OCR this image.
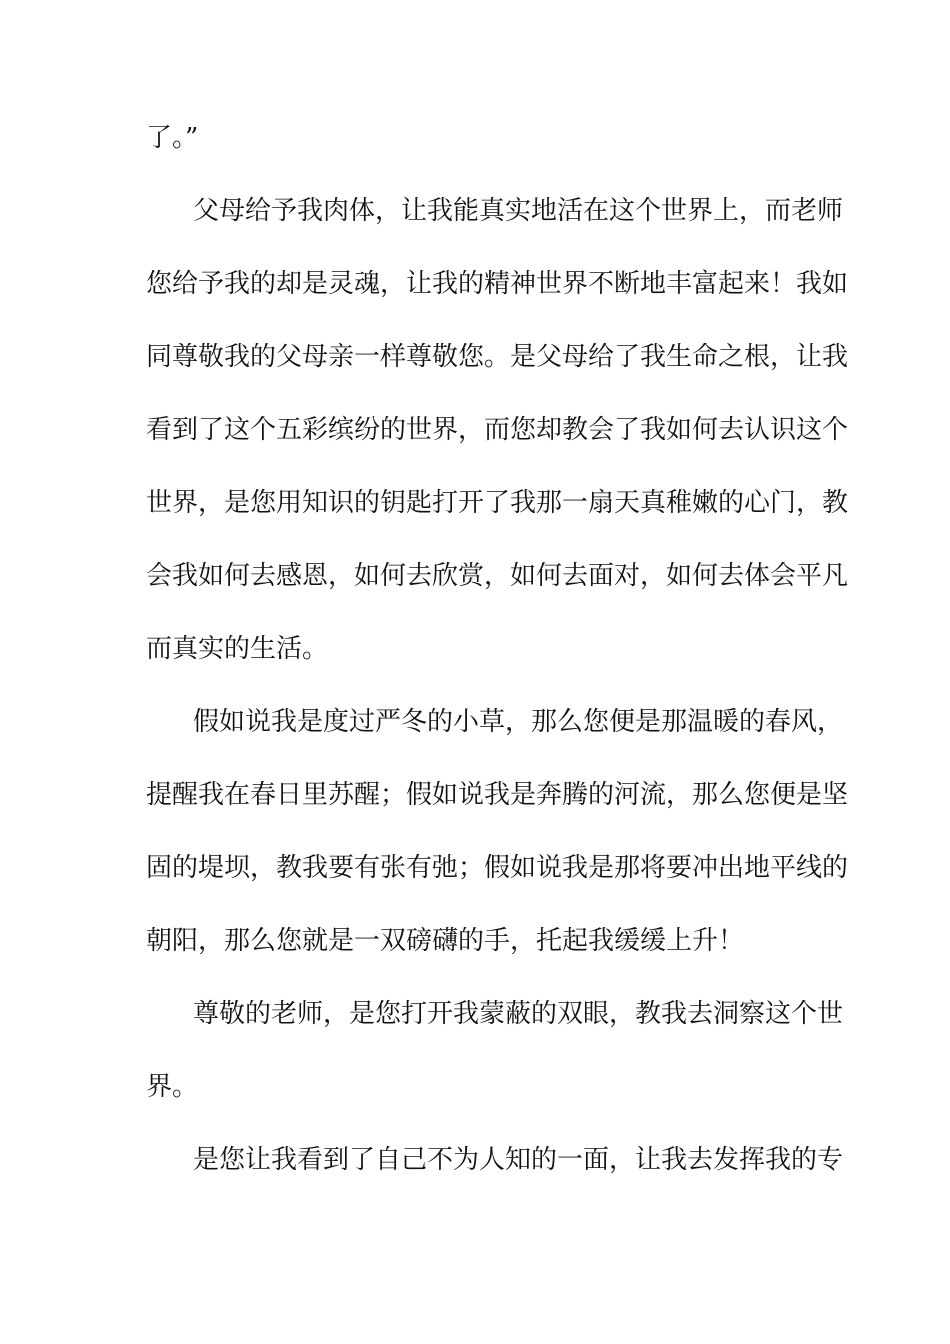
了。”
父母给予我肉体，让我能真实地活在这个世界上，而老师
您给予我的却是灵魂，让我的精神世界不断地丰富起来！我如
同尊敬我的父母亲一样尊敬您。是父母给了我生命之根，让我
看到了这个五彩缤纷的世界，而您却教会了我如何去认识这个
世界，是您用知识的钥匙打开了我那一扇天真稚嫩的心门，教
会我如何去感恩，如何去欣赏，如何去面对，如何去体会平凡
而真实的生活。
假如说我是度过严冬的小草，那么您便是那温暖的春风，
提醒我在春日里苏醒；假如说我是奔腾的河流，那么您便是坚
固的堤坝，教我要有张有弛；假如说我是那将要冲出地平线的
朝阳，那么您就是一双磅礴的手，托起我缓缓上升！
尊敬的老师，是您打开我蒙蔽的双眼，教我去洞察这个世
界。
是您让我看到了自己不为人知的一面，让我去发挥我的专
